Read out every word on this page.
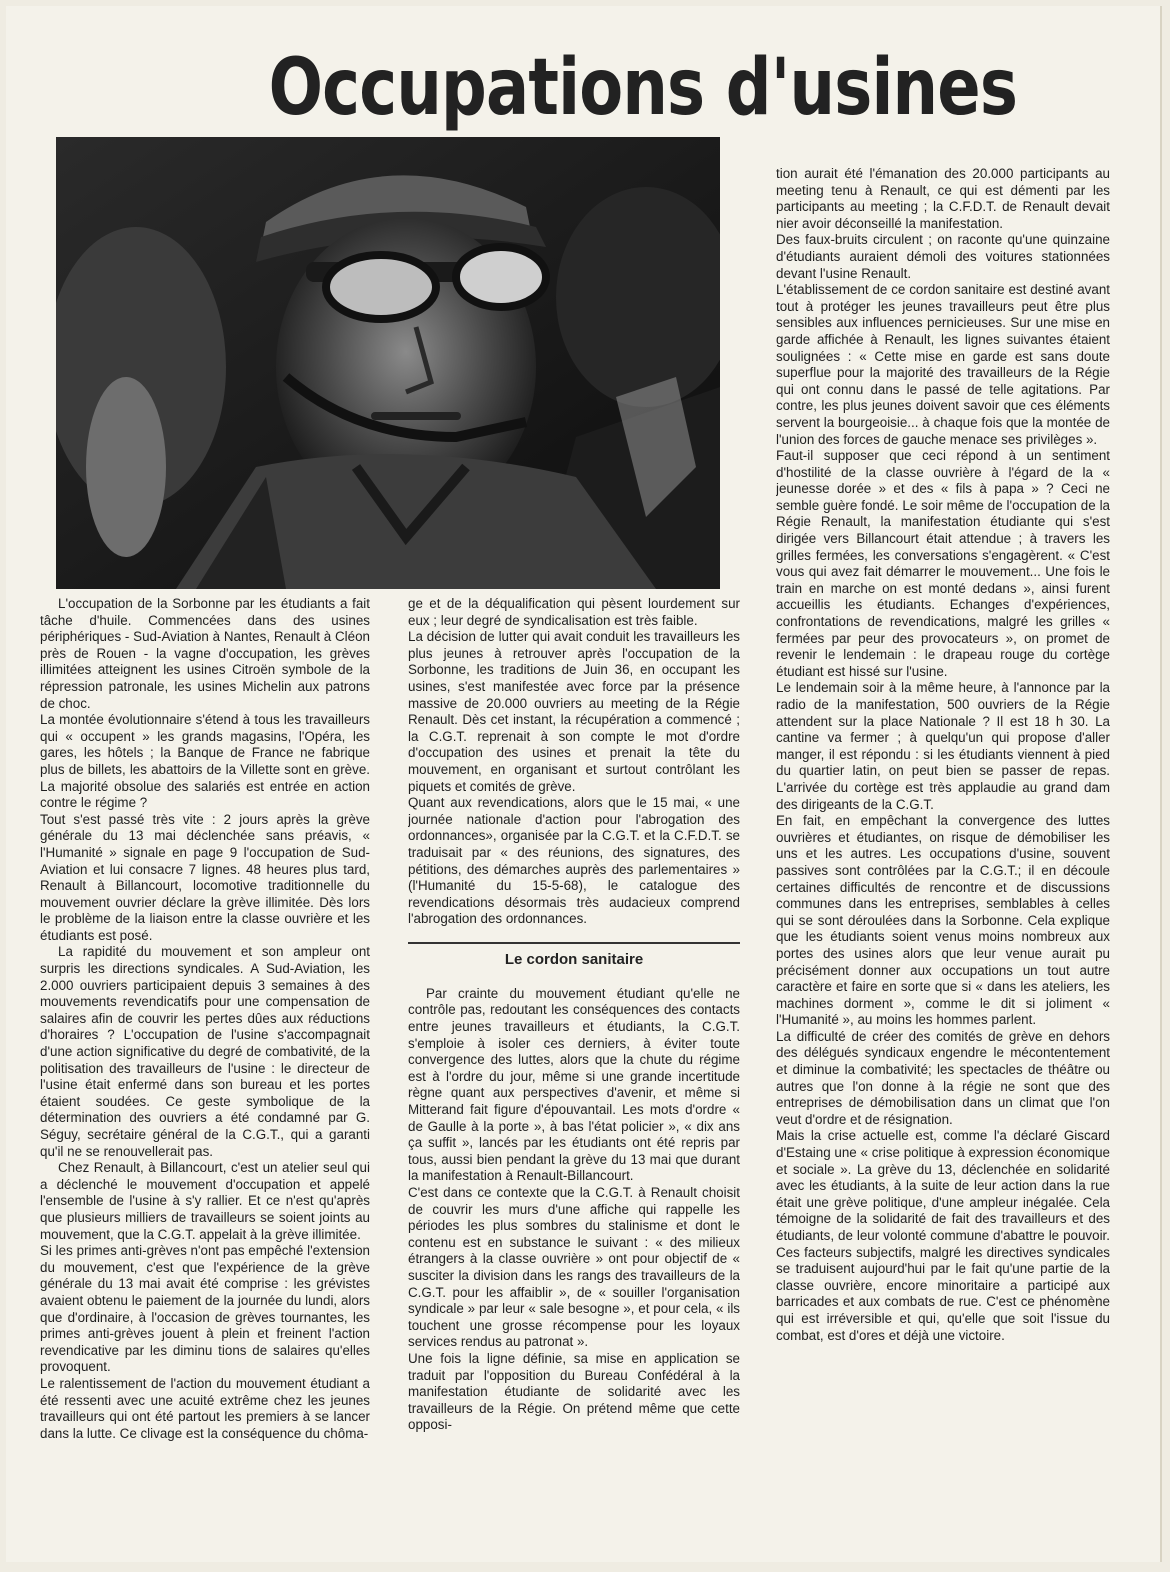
Occupations d'usines

L'occupation de la Sorbonne par les étudiants a fait tâche d'huile. Commencées dans des usines périphériques - Sud-Aviation à Nantes, Renault à Cléon près de Rouen - la vagne d'occupation, les grèves illimitées atteignent les usines Citroën symbole de la répression patronale, les usines Michelin aux patrons de choc.

La montée évolutionnaire s'étend à tous les travailleurs qui « occupent » les grands magasins, l'Opéra, les gares, les hôtels ; la Banque de France ne fabrique plus de billets, les abattoirs de la Villette sont en grève. La majorité obsolue des salariés est entrée en action contre le régime ?

Tout s'est passé très vite : 2 jours après la grève générale du 13 mai déclenchée sans préavis, « l'Humanité » signale en page 9 l'occupation de Sud-Aviation et lui consacre 7 lignes. 48 heures plus tard, Renault à Billancourt, locomotive traditionnelle du mouvement ouvrier déclare la grève illimitée. Dès lors le problème de la liaison entre la classe ouvrière et les étudiants est posé.

La rapidité du mouvement et son ampleur ont surpris les directions syndicales. A Sud-Aviation, les 2.000 ouvriers participaient depuis 3 semaines à des mouvements revendicatifs pour une compensation de salaires afin de couvrir les pertes dûes aux réductions d'horaires ? L'occupation de l'usine s'accompagnait d'une action significative du degré de combativité, de la politisation des travailleurs de l'usine : le directeur de l'usine était enfermé dans son bureau et les portes étaient soudées. Ce geste symbolique de la détermination des ouvriers a été condamné par G. Séguy, secrétaire général de la C.G.T., qui a garanti qu'il ne se renouvellerait pas.

Chez Renault, à Billancourt, c'est un atelier seul qui a déclenché le mouvement d'occupation et appelé l'ensemble de l'usine à s'y rallier. Et ce n'est qu'après que plusieurs milliers de travailleurs se soient joints au mouvement, que la C.G.T. appelait à la grève illimitée.

Si les primes anti-grèves n'ont pas empêché l'extension du mouvement, c'est que l'expérience de la grève générale du 13 mai avait été comprise : les grévistes avaient obtenu le paiement de la journée du lundi, alors que d'ordinaire, à l'occasion de grèves tournantes, les primes anti-grèves jouent à plein et freinent l'action revendicative par les diminu tions de salaires qu'elles provoquent.

Le ralentissement de l'action du mouvement étudiant a été ressenti avec une acuité extrême chez les jeunes travailleurs qui ont été partout les premiers à se lancer dans la lutte. Ce clivage est la conséquence du chôma-

ge et de la déqualification qui pèsent lourdement sur eux ; leur degré de syndicalisation est très faible.

La décision de lutter qui avait conduit les travailleurs les plus jeunes à retrouver après l'occupation de la Sorbonne, les traditions de Juin 36, en occupant les usines, s'est manifestée avec force par la présence massive de 20.000 ouvriers au meeting de la Régie Renault. Dès cet instant, la récupération a commencé ; la C.G.T. reprenait à son compte le mot d'ordre d'occupation des usines et prenait la tête du mouvement, en organisant et surtout contrôlant les piquets et comités de grève.

Quant aux revendications, alors que le 15 mai, « une journée nationale d'action pour l'abrogation des ordonnances», organisée par la C.G.T. et la C.F.D.T. se traduisait par « des réunions, des signatures, des pétitions, des démarches auprès des parlementaires » (l'Humanité du 15-5-68), le catalogue des revendications désormais très audacieux comprend l'abrogation des ordonnances.

Le cordon sanitaire

Par crainte du mouvement étudiant qu'elle ne contrôle pas, redoutant les conséquences des contacts entre jeunes travailleurs et étudiants, la C.G.T. s'emploie à isoler ces derniers, à éviter toute convergence des luttes, alors que la chute du régime est à l'ordre du jour, même si une grande incertitude règne quant aux perspectives d'avenir, et même si Mitterand fait figure d'épouvantail. Les mots d'ordre « de Gaulle à la porte », à bas l'état policier », « dix ans ça suffit », lancés par les étudiants ont été repris par tous, aussi bien pendant la grève du 13 mai que durant la manifestation à Renault-Billancourt.

C'est dans ce contexte que la C.G.T. à Renault choisit de couvrir les murs d'une affiche qui rappelle les périodes les plus sombres du stalinisme et dont le contenu est en substance le suivant : « des milieux étrangers à la classe ouvrière » ont pour objectif de « susciter la division dans les rangs des travailleurs de la C.G.T. pour les affaiblir », de « souiller l'organisation syndicale » par leur « sale besogne », et pour cela, « ils touchent une grosse récompense pour les loyaux services rendus au patronat ».

Une fois la ligne définie, sa mise en application se traduit par l'opposition du Bureau Confédéral à la manifestation étudiante de solidarité avec les travailleurs de la Régie. On prétend même que cette opposi-

tion aurait été l'émanation des 20.000 participants au meeting tenu à Renault, ce qui est démenti par les participants au meeting ; la C.F.D.T. de Renault devait nier avoir déconseillé la manifestation.

Des faux-bruits circulent ; on raconte qu'une quinzaine d'étudiants auraient démoli des voitures stationnées devant l'usine Renault.

L'établissement de ce cordon sanitaire est destiné avant tout à protéger les jeunes travailleurs peut être plus sensibles aux influences pernicieuses. Sur une mise en garde affichée à Renault, les lignes suivantes étaient soulignées : « Cette mise en garde est sans doute superflue pour la majorité des travailleurs de la Régie qui ont connu dans le passé de telle agitations. Par contre, les plus jeunes doivent savoir que ces éléments servent la bourgeoisie... à chaque fois que la montée de l'union des forces de gauche menace ses privilèges ».

Faut-il supposer que ceci répond à un sentiment d'hostilité de la classe ouvrière à l'égard de la « jeunesse dorée » et des « fils à papa » ? Ceci ne semble guère fondé. Le soir même de l'occupation de la Régie Renault, la manifestation étudiante qui s'est dirigée vers Billancourt était attendue ; à travers les grilles fermées, les conversations s'engagèrent. « C'est vous qui avez fait démarrer le mouvement... Une fois le train en marche on est monté dedans », ainsi furent accueillis les étudiants. Echanges d'expériences, confrontations de revendications, malgré les grilles « fermées par peur des provocateurs », on promet de revenir le lendemain : le drapeau rouge du cortège étudiant est hissé sur l'usine.

Le lendemain soir à la même heure, à l'annonce par la radio de la manifestation, 500 ouvriers de la Régie attendent sur la place Nationale ? Il est 18 h 30. La cantine va fermer ; à quelqu'un qui propose d'aller manger, il est répondu : si les étudiants viennent à pied du quartier latin, on peut bien se passer de repas. L'arrivée du cortège est très applaudie au grand dam des dirigeants de la C.G.T.

En fait, en empêchant la convergence des luttes ouvrières et étudiantes, on risque de démobiliser les uns et les autres. Les occupations d'usine, souvent passives sont contrôlées par la C.G.T.; il en découle certaines difficultés de rencontre et de discussions communes dans les entreprises, semblables à celles qui se sont déroulées dans la Sorbonne. Cela explique que les étudiants soient venus moins nombreux aux portes des usines alors que leur venue aurait pu précisément donner aux occupations un tout autre caractère et faire en sorte que si « dans les ateliers, les machines dorment », comme le dit si joliment « l'Humanité », au moins les hommes parlent.

La difficulté de créer des comités de grève en dehors des délégués syndicaux engendre le mécontentement et diminue la combativité; les spectacles de théâtre ou autres que l'on donne à la régie ne sont que des entreprises de démobilisation dans un climat que l'on veut d'ordre et de résignation.

Mais la crise actuelle est, comme l'a déclaré Giscard d'Estaing une « crise politique à expression économique et sociale ». La grève du 13, déclenchée en solidarité avec les étudiants, à la suite de leur action dans la rue était une grève politique, d'une ampleur inégalée. Cela témoigne de la solidarité de fait des travailleurs et des étudiants, de leur volonté commune d'abattre le pouvoir. Ces facteurs subjectifs, malgré les directives syndicales se traduisent aujourd'hui par le fait qu'une partie de la classe ouvrière, encore minoritaire a participé aux barricades et aux combats de rue. C'est ce phénomène qui est irréversible et qui, qu'elle que soit l'issue du combat, est d'ores et déjà une victoire.
